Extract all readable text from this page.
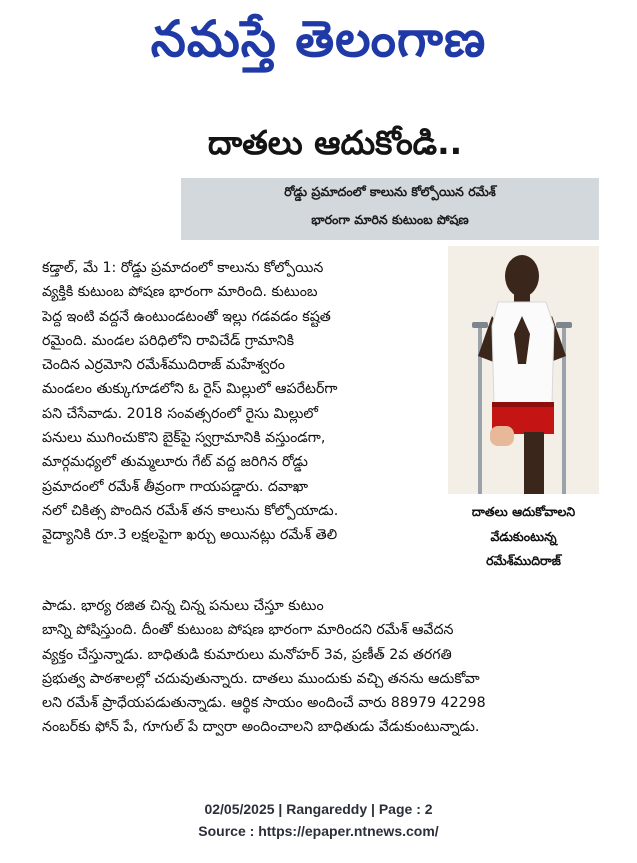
నమస్తే తెలంగాణ
దాతలు ఆదుకోండి..
రోడ్డు ప్రమాదంలో కాలును కోల్పోయిన రమేశ్
భారంగా మారిన కుటుంబ పోషణ

కడ్తాల్, మే 1: రోడ్డు ప్రమాదంలో కాలును కోల్పోయిన

వ్యక్తికి కుటుంబ పోషణ భారంగా మారింది. కుటుంబ

పెద్ద ఇంటి వద్దనే ఉంటుండటంతో ఇల్లు గడవడం కష్టత

రమైంది. మండల పరిధిలోని రావిచేడ్ గ్రామానికి

చెందిన ఎర్రమోని రమేశ్‌ముదిరాజ్ మహేశ్వరం

మండలం తుక్కుగూడలోని ఓ రైస్ మిల్లులో ఆపరేటర్‌గా

పని చేసేవాడు. 2018 సంవత్సరంలో రైసు మిల్లులో

పనులు ముగించుకొని బైక్‌పై స్వగ్రామానికి వస్తుండగా,

మార్గమధ్యలో తుమ్మలూరు గేట్ వద్ద జరిగిన రోడ్డు

ప్రమాదంలో రమేశ్ తీవ్రంగా గాయపడ్డారు. దవాఖా

నలో చికిత్స పొందిన రమేశ్ తన కాలును కోల్పోయాడు.

వైద్యానికి రూ.3 లక్షలపైగా ఖర్చు అయినట్లు రమేశ్ తెలి

దాతలు ఆదుకోవాలని
వేడుకుంటున్న
రమేశ్‌ముదిరాజ్

పాడు. భార్య రజిత చిన్న చిన్న పనులు చేస్తూ కుటుం

బాన్ని పోషిస్తుంది. దీంతో కుటుంబ పోషణ భారంగా మారిందని రమేశ్ ఆవేదన

వ్యక్తం చేస్తున్నాడు. బాధితుడి కుమారులు మనోహర్ 3వ, ప్రణీత్ 2వ తరగతి

ప్రభుత్వ పాఠశాలల్లో చదువుతున్నారు. దాతలు ముందుకు వచ్చి తనను ఆదుకోవా

లని రమేశ్ ప్రాధేయపడుతున్నాడు. ఆర్థిక సాయం అందించే వారు 88979 42298

నంబర్‌కు ఫోన్ పే, గూగుల్ పే ద్వారా అందించాలని బాధితుడు వేడుకుంటున్నాడు.

02/05/2025 | Rangareddy | Page : 2
Source : https://epaper.ntnews.com/
